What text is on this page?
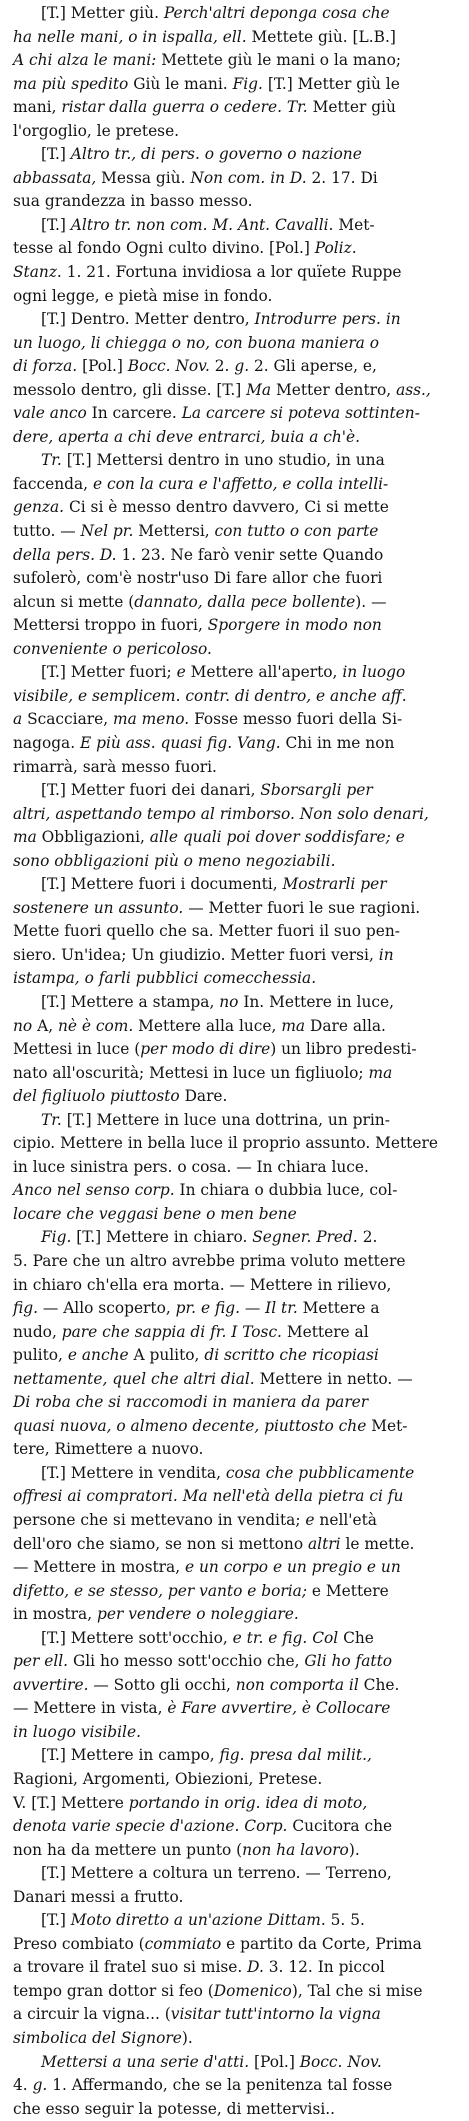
[T.] Metter giù. Perch'altri deponga cosa che
ha nelle mani, o in ispalla, ell. Mettete giù. [L.B.]
A chi alza le mani: Mettete giù le mani o la mano;
ma più spedito Giù le mani. Fig. [T.] Metter giù le
mani, ristar dalla guerra o cedere. Tr. Metter giù
l'orgoglio, le pretese.
[T.] Altro tr., di pers. o governo o nazione
abbassata, Messa giù. Non com. in D. 2. 17. Di
sua grandezza in basso messo.
[T.] Altro tr. non com. M. Ant. Cavalli. Met-
tesse al fondo Ogni culto divino. [Pol.] Poliz.
Stanz. 1. 21. Fortuna invidiosa a lor quïete Ruppe
ogni legge, e pietà mise in fondo.
[T.] Dentro. Metter dentro, Introdurre pers. in
un luogo, li chiegga o no, con buona maniera o
di forza. [Pol.] Bocc. Nov. 2. g. 2. Gli aperse, e,
messolo dentro, gli disse. [T.] Ma Metter dentro, ass.,
vale anco In carcere. La carcere si poteva sottinten-
dere, aperta a chi deve entrarci, buia a ch'è.
Tr. [T.] Mettersi dentro in uno studio, in una
faccenda, e con la cura e l'affetto, e colla intelli-
genza. Ci si è messo dentro davvero, Ci si mette
tutto. — Nel pr. Mettersi, con tutto o con parte
della pers. D. 1. 23. Ne farò venir sette Quando
sufolerò, com'è nostr'uso Di fare allor che fuori
alcun si mette (dannato, dalla pece bollente). —
Mettersi troppo in fuori, Sporgere in modo non
conveniente o pericoloso.
[T.] Metter fuori; e Mettere all'aperto, in luogo
visibile, e semplicem. contr. di dentro, e anche aff.
a Scacciare, ma meno. Fosse messo fuori della Si-
nagoga. E più ass. quasi fig. Vang. Chi in me non
rimarrà, sarà messo fuori.
[T.] Metter fuori dei danari, Sborsargli per
altri, aspettando tempo al rimborso. Non solo denari,
ma Obbligazioni, alle quali poi dover soddisfare; e
sono obbligazioni più o meno negoziabili.
[T.] Mettere fuori i documenti, Mostrarli per
sostenere un assunto. — Metter fuori le sue ragioni.
Mette fuori quello che sa. Metter fuori il suo pen-
siero. Un'idea; Un giudizio. Metter fuori versi, in
istampa, o farli pubblici comecchessia.
[T.] Mettere a stampa, no In. Mettere in luce,
no A, nè è com. Mettere alla luce, ma Dare alla.
Mettesi in luce (per modo di dire) un libro predesti-
nato all'oscurità; Mettesi in luce un figliuolo; ma
del figliuolo piuttosto Dare.
Tr. [T.] Mettere in luce una dottrina, un prin-
cipio. Mettere in bella luce il proprio assunto. Mettere
in luce sinistra pers. o cosa. — In chiara luce.
Anco nel senso corp. In chiara o dubbia luce, col-
locare che veggasi bene o men bene
Fig. [T.] Mettere in chiaro. Segner. Pred. 2.
5. Pare che un altro avrebbe prima voluto mettere
in chiaro ch'ella era morta. — Mettere in rilievo,
fig. — Allo scoperto, pr. e fig. — Il tr. Mettere a
nudo, pare che sappia di fr. I Tosc. Mettere al
pulito, e anche A pulito, di scritto che ricopiasi
nettamente, quel che altri dial. Mettere in netto. —
Di roba che si raccomodi in maniera da parer
quasi nuova, o almeno decente, piuttosto che Met-
tere, Rimettere a nuovo.
[T.] Mettere in vendita, cosa che pubblicamente
offresi ai compratori. Ma nell'età della pietra ci fu
persone che si mettevano in vendita; e nell'età
dell'oro che siamo, se non si mettono altri le mette.
— Mettere in mostra, e un corpo e un pregio e un
difetto, e se stesso, per vanto e boria; e Mettere
in mostra, per vendere o noleggiare.
[T.] Mettere sott'occhio, e tr. e fig. Col Che
per ell. Gli ho messo sott'occhio che, Gli ho fatto
avvertire. — Sotto gli occhi, non comporta il Che.
— Mettere in vista, è Fare avvertire, è Collocare
in luogo visibile.
[T.] Mettere in campo, fig. presa dal milit.,
Ragioni, Argomenti, Obiezioni, Pretese.
V. [T.] Mettere portando in orig. idea di moto,
denota varie specie d'azione. Corp. Cucitora che
non ha da mettere un punto (non ha lavoro).
[T.] Mettere a coltura un terreno. — Terreno,
Danari messi a frutto.
[T.] Moto diretto a un'azione Dittam. 5. 5.
Preso combiato (commiato e partito da Corte, Prima
a trovare il fratel suo si mise. D. 3. 12. In piccol
tempo gran dottor si feo (Domenico), Tal che si mise
a circuir la vigna... (visitar tutt'intorno la vigna
simbolica del Signore).
Mettersi a una serie d'atti. [Pol.] Bocc. Nov.
4. g. 1. Affermando, che se la penitenza tal fosse
che esso seguir la potesse, di mettervisi..
